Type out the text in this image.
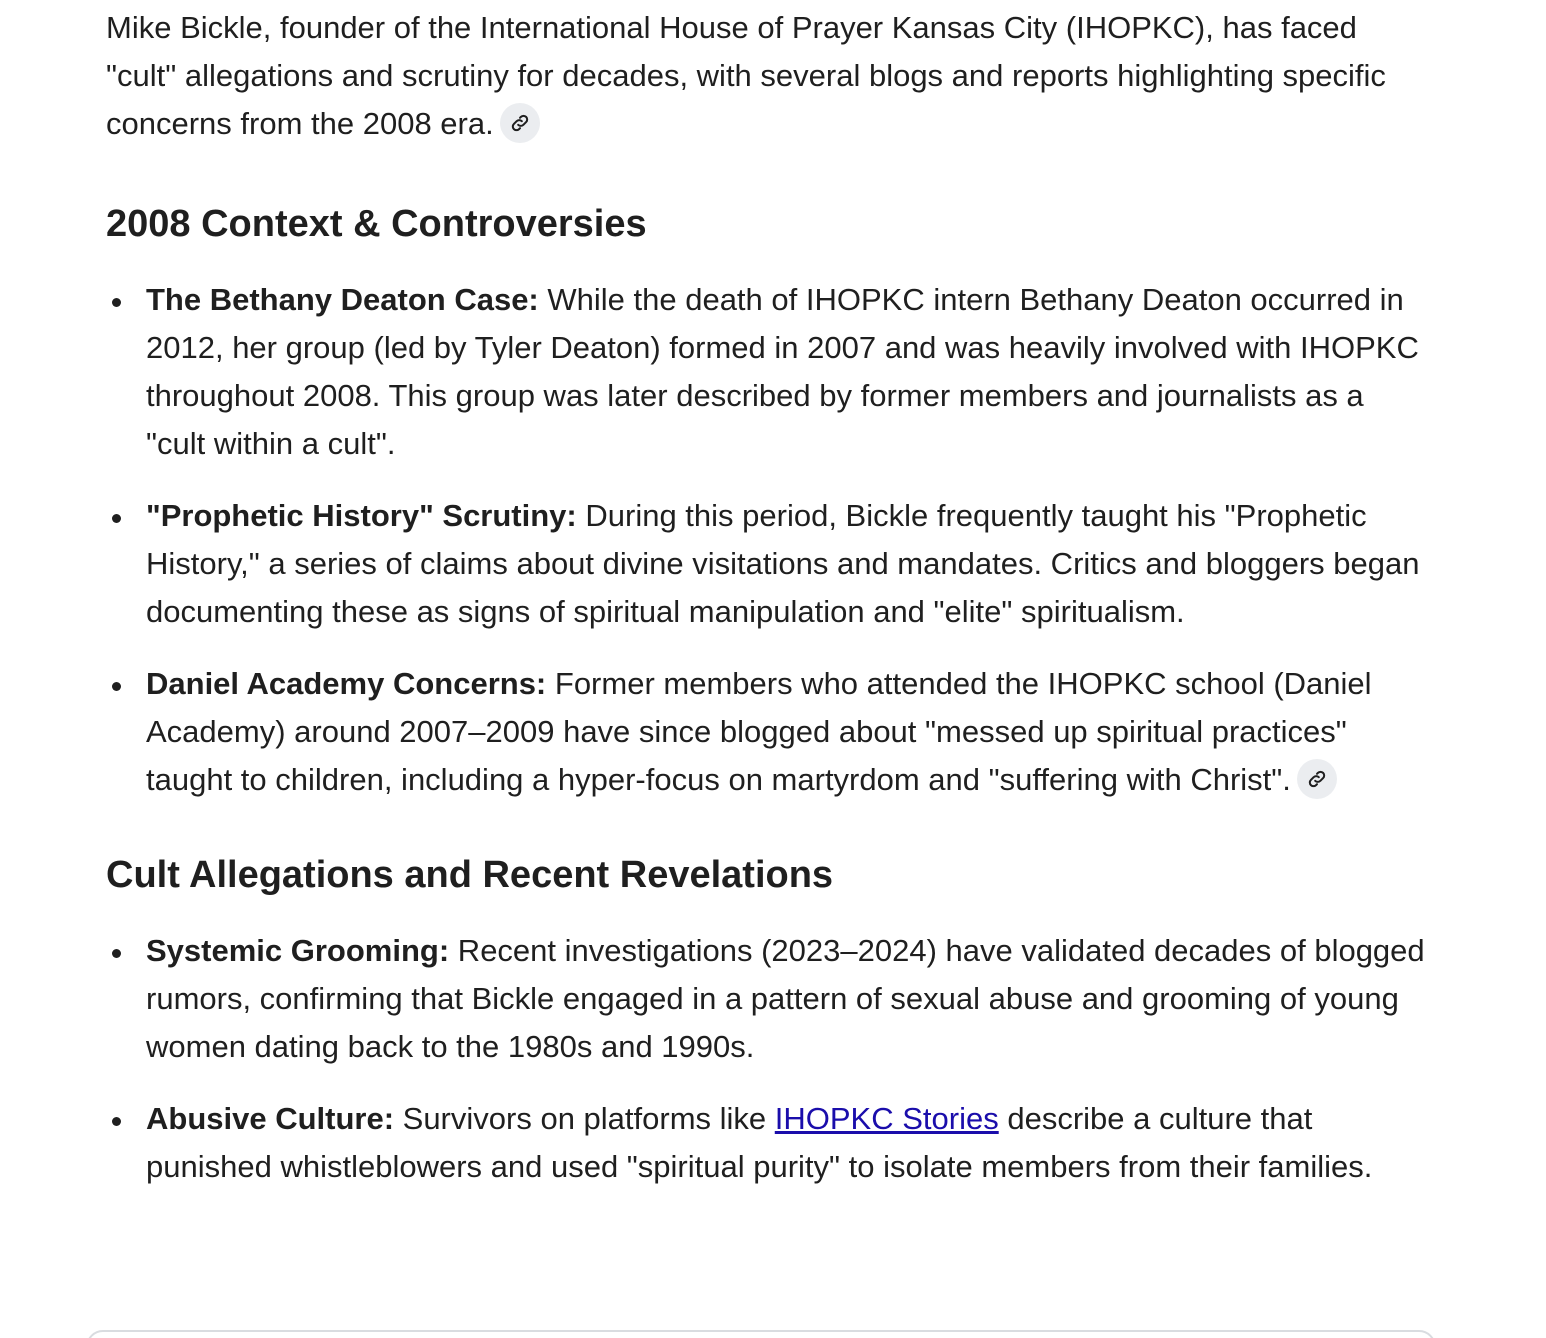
Mike Bickle, founder of the International House of Prayer Kansas City (IHOPKC), has faced "cult" allegations and scrutiny for decades, with several blogs and reports highlighting specific concerns from the 2008 era.

2008 Context & Controversies
The Bethany Deaton Case: While the death of IHOPKC intern Bethany Deaton occurred in 2012, her group (led by Tyler Deaton) formed in 2007 and was heavily involved with IHOPKC throughout 2008. This group was later described by former members and journalists as a "cult within a cult".
"Prophetic History" Scrutiny: During this period, Bickle frequently taught his "Prophetic History," a series of claims about divine visitations and mandates. Critics and bloggers began documenting these as signs of spiritual manipulation and "elite" spiritualism.
Daniel Academy Concerns: Former members who attended the IHOPKC school (Daniel Academy) around 2007–2009 have since blogged about "messed up spiritual practices" taught to children, including a hyper-focus on martyrdom and "suffering with Christ".
Cult Allegations and Recent Revelations
Systemic Grooming: Recent investigations (2023–2024) have validated decades of blogged rumors, confirming that Bickle engaged in a pattern of sexual abuse and grooming of young women dating back to the 1980s and 1990s.
Abusive Culture: Survivors on platforms like IHOPKC Stories describe a culture that punished whistleblowers and used "spiritual purity" to isolate members from their families.
